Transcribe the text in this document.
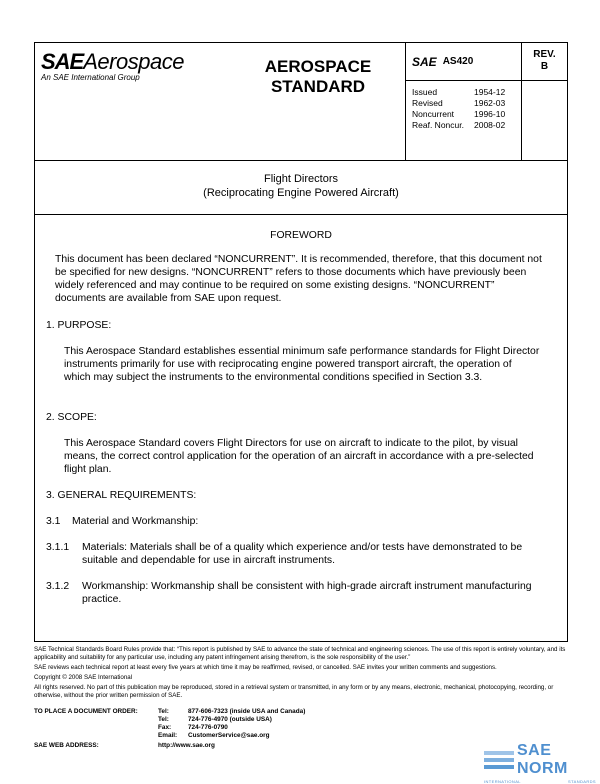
SAEAerospace
An SAE International Group
AEROSPACE
STANDARD
SAE AS420
Issued	1954-12
Revised	1962-03
Noncurrent	1996-10
Reaf. Noncur.	2008-02
REV.
B
Flight Directors
(Reciprocating Engine Powered Aircraft)
FOREWORD
This document has been declared “NONCURRENT”. It is recommended, therefore, that this document not be specified for new designs. “NONCURRENT” refers to those documents which have previously been widely referenced and may continue to be required on some existing designs. “NONCURRENT” documents are available from SAE upon request.
1. PURPOSE:
This Aerospace Standard establishes essential minimum safe performance standards for Flight Director instruments primarily for use with reciprocating engine powered transport aircraft, the operation of which may subject the instruments to the environmental conditions specified in Section 3.3.
2. SCOPE:
This Aerospace Standard covers Flight Directors for use on aircraft to indicate to the pilot, by visual means, the correct control application for the operation of an aircraft in accordance with a pre-selected flight plan.
3. GENERAL REQUIREMENTS:
3.1    Material and Workmanship:
3.1.1 Materials: Materials shall be of a quality which experience and/or tests have demonstrated to be suitable and dependable for use in aircraft instruments.
3.1.2 Workmanship: Workmanship shall be consistent with high-grade aircraft instrument manufacturing practice.

SAE Technical Standards Board Rules provide that: “This report is published by SAE to advance the state of technical and engineering sciences. The use of this report is entirely voluntary, and its applicability and suitability for any particular use, including any patent infringement arising therefrom, is the sole responsibility of the user.”

SAE reviews each technical report at least every five years at which time it may be reaffirmed, revised, or cancelled. SAE invites your written comments and suggestions.

Copyright © 2008 SAE International

All rights reserved. No part of this publication may be reproduced, stored in a retrieval system or transmitted, in any form or by any means, electronic, mechanical, photocopying, recording, or otherwise, without the prior written permission of SAE.

TO PLACE A DOCUMENT ORDER:	Tel:	877-606-7323 (inside USA and Canada)
Tel:	724-776-4970 (outside USA)
Fax:	724-776-0790
Email:	CustomerService@sae.org
SAE WEB ADDRESS:	http://www.sae.org	SAE NORM
INTERNATIONAL	STANDARDS
